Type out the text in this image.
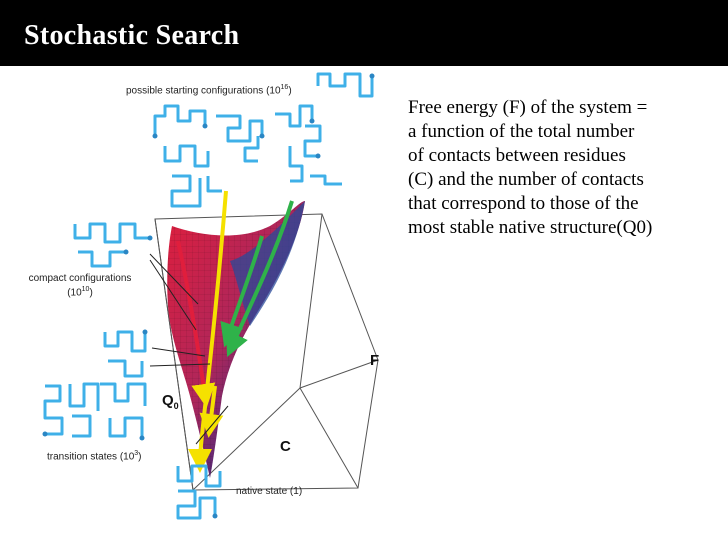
Stochastic Search
possible starting configurations $(10^{16})$
compact configurations
$(10^{10})$
transition states $(10^3)$
native state (1)
F
C
$Q_0$
Free energy (F) of the system =
a function of the total number
of contacts between residues
(C) and the number of contacts
that correspond to those of the
most stable native structure(Q0)
